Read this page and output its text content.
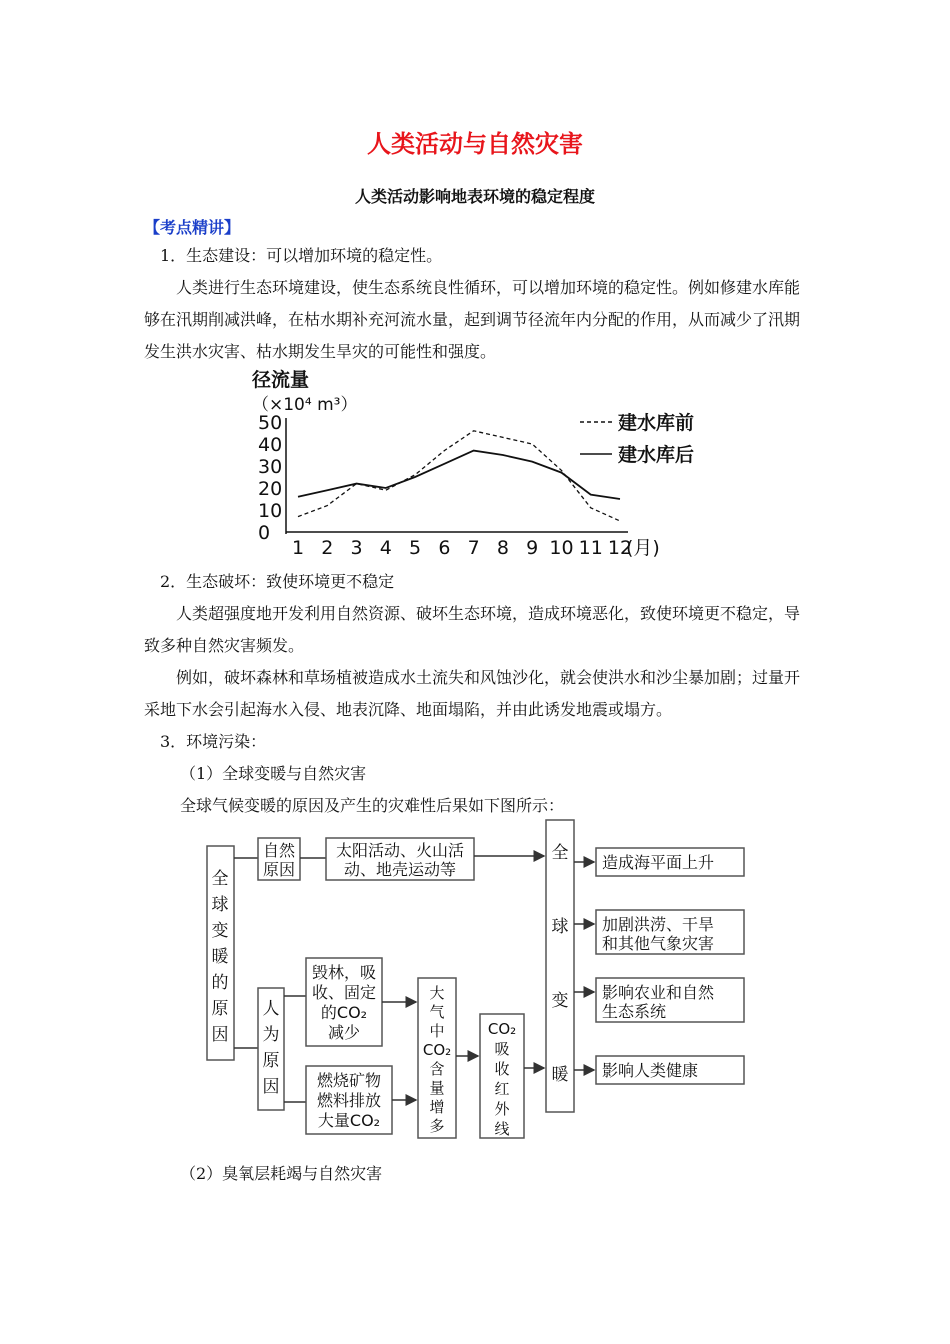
人类活动与自然灾害
人类活动影响地表环境的稳定程度
【考点精讲】
1．生态建设：可以增加环境的稳定性。
人类进行生态环境建设，使生态系统良性循环，可以增加环境的稳定性。例如修建水库能够在汛期削减洪峰，在枯水期补充河流水量，起到调节径流年内分配的作用，从而减少了汛期发生洪水灾害、枯水期发生旱灾的可能性和强度。
径流量
（×10⁴ m³）
0
10
20
30
40
50
1 2 3 4 5 6 7 8 9 10 11 12
(月)
建水库前
建水库后
2．生态破坏：致使环境更不稳定
人类超强度地开发利用自然资源、破坏生态环境，造成环境恶化，致使环境更不稳定，导致多种自然灾害频发。
例如，破坏森林和草场植被造成水土流失和风蚀沙化，就会使洪水和沙尘暴加剧；过量开采地下水会引起海水入侵、地表沉降、地面塌陷，并由此诱发地震或塌方。
3．环境污染：
（1）全球变暖与自然灾害
全球气候变暖的原因及产生的灾难性后果如下图所示：
全
球
变
暖
的
原
因
自然
原因
太阳活动、火山活
动、地壳运动等
人
为
原
因
毁林，吸
收、固定
的CO₂
减少
燃烧矿物
燃料排放
大量CO₂
大
气
中
CO₂
含
量
增
多
CO₂
吸
收
红
外
线
全
球
变
暖
造成海平面上升
加剧洪涝、干旱
和其他气象灾害
影响农业和自然
生态系统
影响人类健康
（2）臭氧层耗竭与自然灾害
